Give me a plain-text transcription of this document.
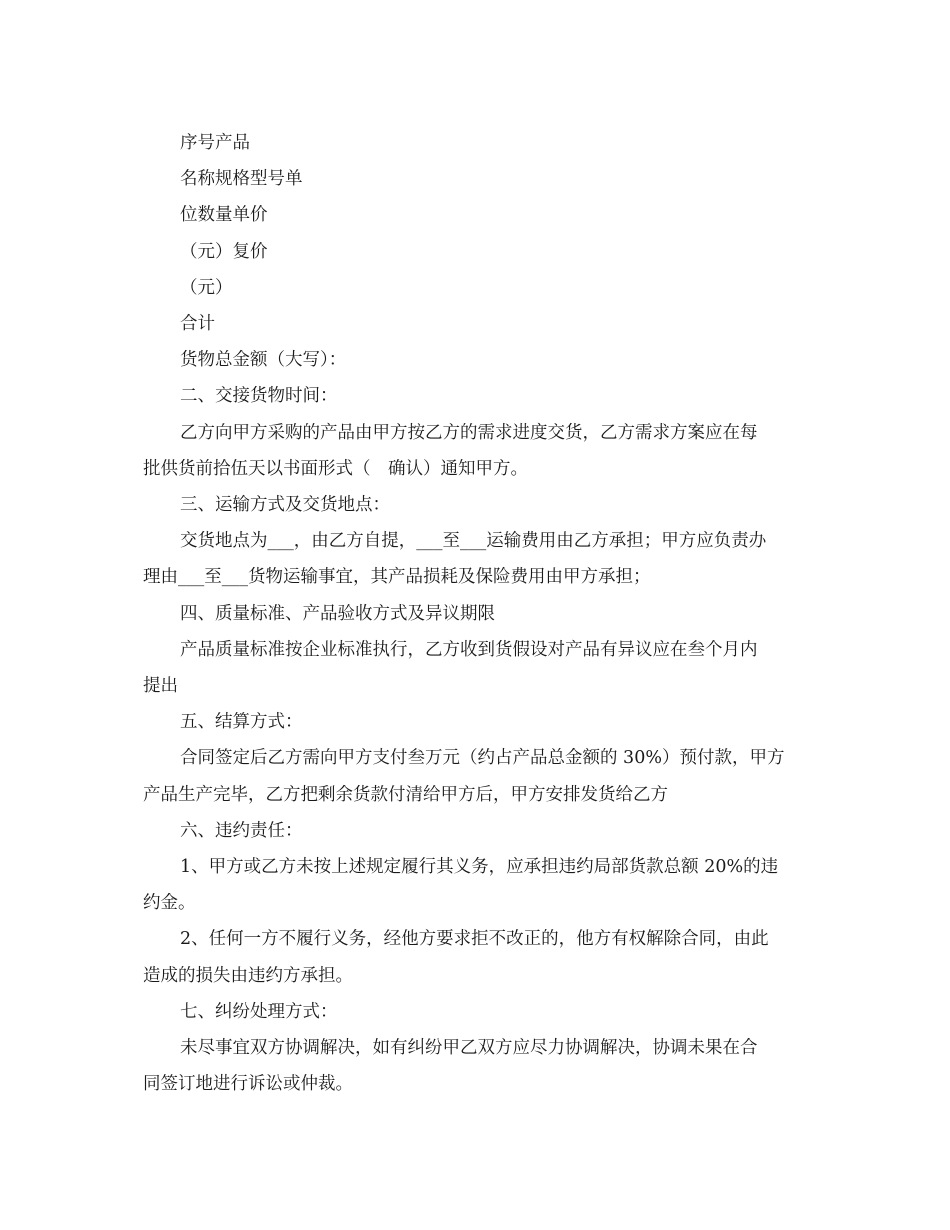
序号产品

名称规格型号单

位数量单价

（元）复价

（元）

合计

货物总金额（大写）：

二、交接货物时间：

乙方向甲方采购的产品由甲方按乙方的需求进度交货，乙方需求方案应在每
批供货前拾伍天以书面形式（　确认）通知甲方。

三、运输方式及交货地点：

交货地点为___，由乙方自提，___至___运输费用由乙方承担；甲方应负责办
理由___至___货物运输事宜，其产品损耗及保险费用由甲方承担；

四、质量标准、产品验收方式及异议期限

产品质量标准按企业标准执行，乙方收到货假设对产品有异议应在叁个月内
提出

五、结算方式：

合同签定后乙方需向甲方支付叁万元（约占产品总金额的 30%）预付款，甲方
产品生产完毕，乙方把剩余货款付清给甲方后，甲方安排发货给乙方

六、违约责任：

1、甲方或乙方未按上述规定履行其义务，应承担违约局部货款总额 20%的违
约金。

2、任何一方不履行义务，经他方要求拒不改正的，他方有权解除合同，由此
造成的损失由违约方承担。

七、纠纷处理方式：

未尽事宜双方协调解决，如有纠纷甲乙双方应尽力协调解决，协调未果在合
同签订地进行诉讼或仲裁。
